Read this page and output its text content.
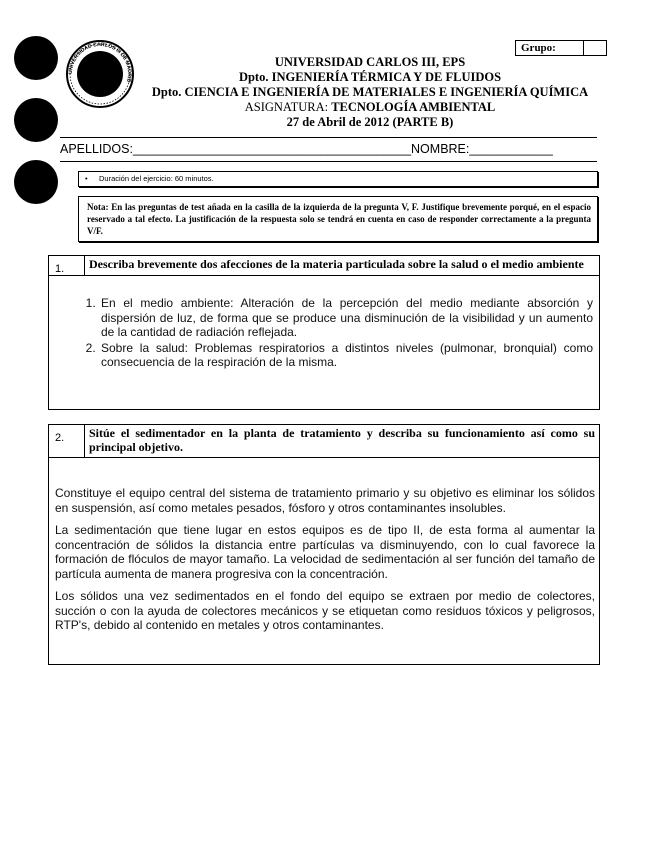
UNIVERSIDAD CARLOS III DE MADRID
Grupo:
UNIVERSIDAD CARLOS III, EPS
Dpto. INGENIERÍA TÉRMICA Y DE FLUIDOS
Dpto. CIENCIA E INGENIERÍA DE MATERIALES E INGENIERÍA QUÍMICA
ASIGNATURA: TECNOLOGÍA AMBIENTAL
27 de Abril de 2012 (PARTE B)
APELLIDOS:________________________________________NOMBRE:____________
• Duración del ejercicio: 60 minutos.
Nota: En las preguntas de test añada en la casilla de la izquierda de la pregunta V, F. Justifique brevemente porqué, en el espacio reservado a tal efecto. La justificación de la respuesta solo se tendrá en cuenta en caso de responder correctamente a la pregunta V/F.
1.	Describa brevemente dos afecciones de la materia particulada sobre la salud o el medio ambiente
1. En el medio ambiente: Alteración de la percepción del medio mediante absorción y dispersión de luz, de forma que se produce una disminución de la visibilidad y un aumento de la cantidad de radiación reflejada.
2. Sobre la salud: Problemas respiratorios a distintos niveles (pulmonar, bronquial) como consecuencia de la respiración de la misma.
2.	Sitúe el sedimentador en la planta de tratamiento y describa su funcionamiento así como su principal objetivo.

Constituye el equipo central del sistema de tratamiento primario y su objetivo es eliminar los sólidos en suspensión, así como metales pesados, fósforo y otros contaminantes insolubles.

La sedimentación que tiene lugar en estos equipos es de tipo II, de esta forma al aumentar la concentración de sólidos la distancia entre partículas va disminuyendo, con lo cual favorece la formación de flóculos de mayor tamaño. La velocidad de sedimentación al ser función del tamaño de partícula aumenta de manera progresiva con la concentración.

Los sólidos una vez sedimentados en el fondo del equipo se extraen por medio de colectores, succión o con la ayuda de colectores mecánicos y se etiquetan como residuos tóxicos y peligrosos, RTP's, debido al contenido en metales y otros contaminantes.
